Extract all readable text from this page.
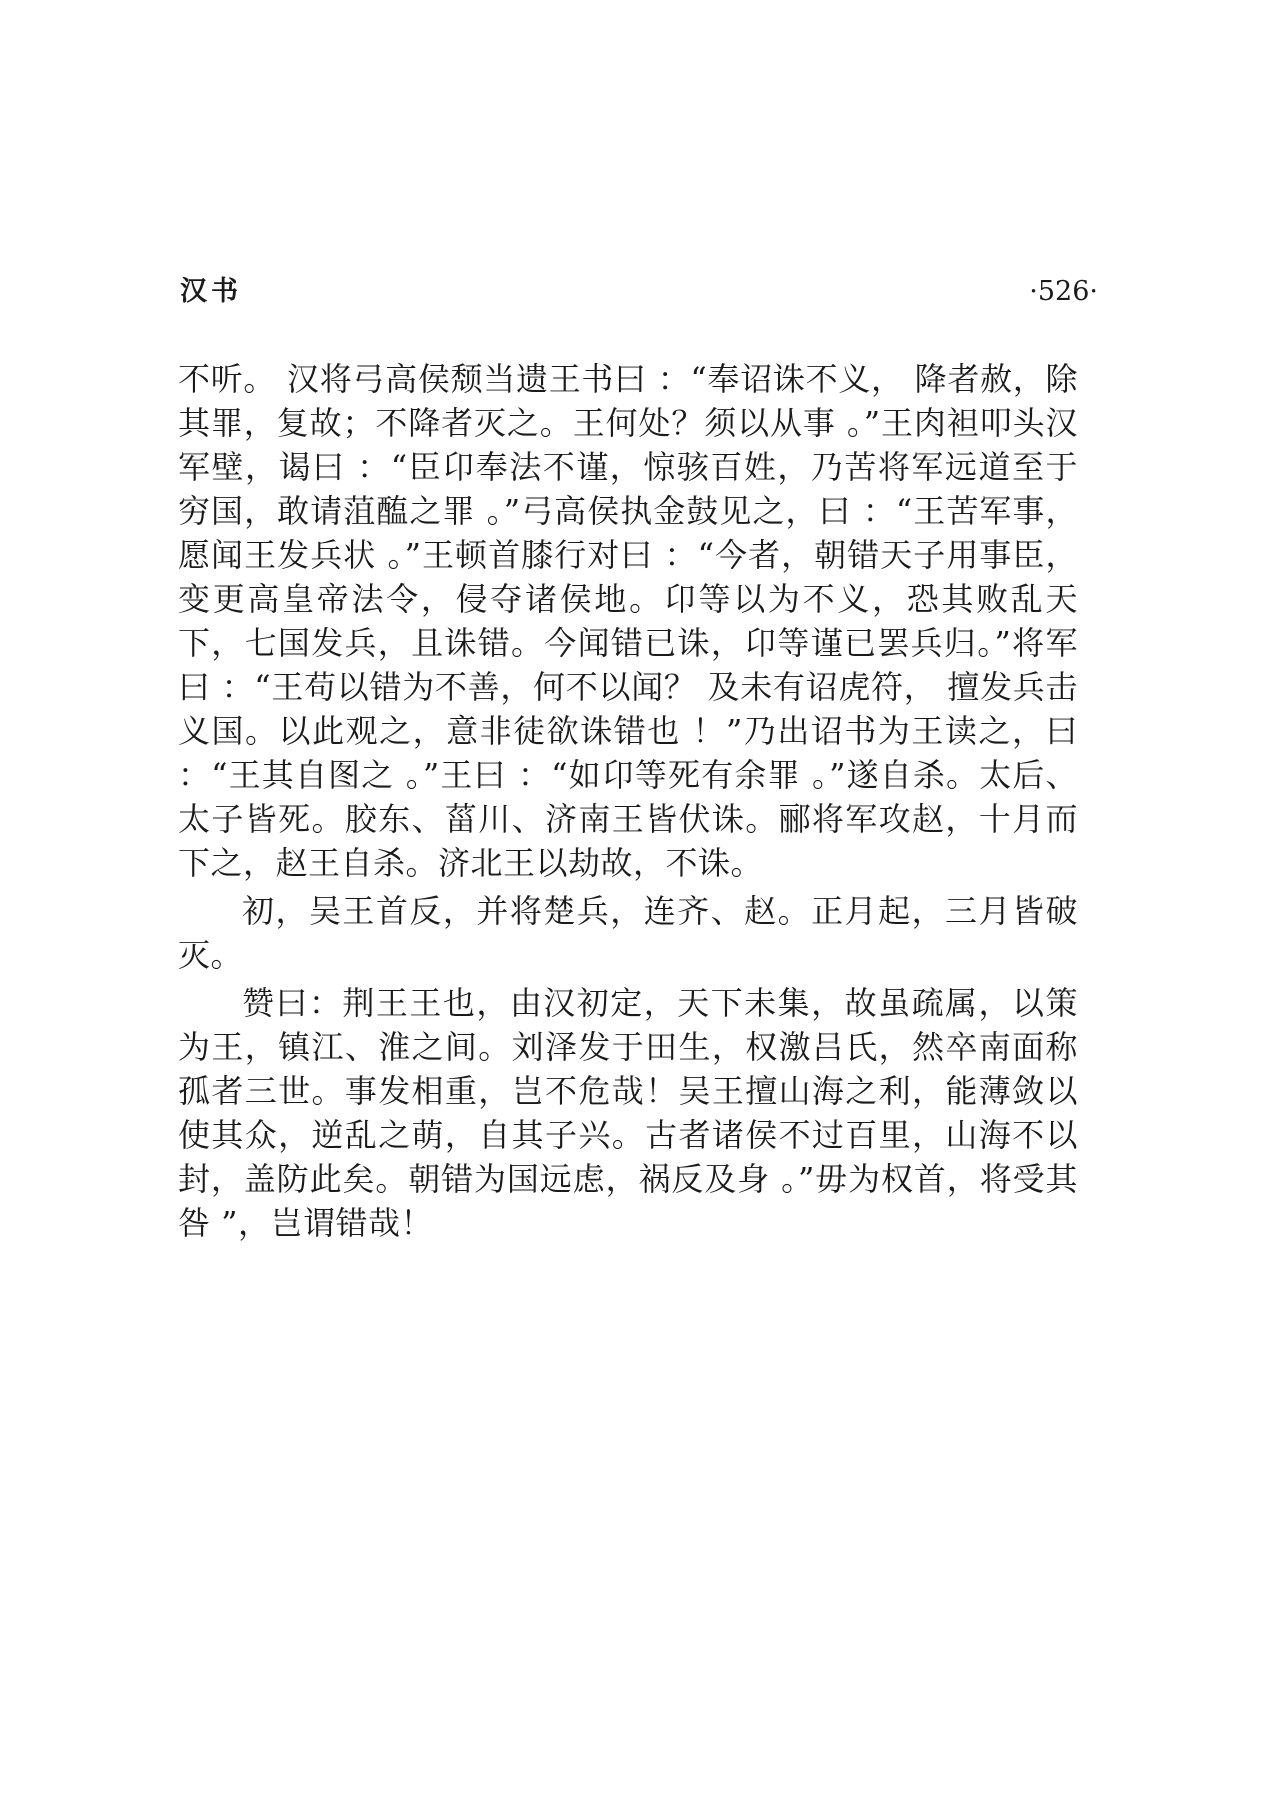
汉书	·526·

不听。 汉将弓高侯颓当遗王书曰 ：“奉诏诛不义， 降者赦，除其罪，复故；不降者灭之。王何处？须以从事 。”王肉袒叩头汉军壁，谒曰 ：“臣卬奉法不谨，惊骇百姓，乃苦将军远道至于穷国，敢请菹醢之罪 。”弓高侯执金鼓见之，曰 ：“王苦军事，愿闻王发兵状 。”王顿首膝行对曰 ：“今者，朝错天子用事臣，变更高皇帝法令，侵夺诸侯地。卬等以为不义，恐其败乱天下，七国发兵，且诛错。今闻错已诛，卬等谨已罢兵归。”将军曰 ：“王苟以错为不善，何不以闻？ 及未有诏虎符， 擅发兵击义国。以此观之，意非徒欲诛错也 ！”乃出诏书为王读之，曰 ：“王其自图之 。”王曰 ：“如卬等死有余罪 。”遂自杀。太后、太子皆死。胶东、菑川、济南王皆伏诛。郦将军攻赵，十月而下之，赵王自杀。济北王以劫故，不诛。

初，吴王首反，并将楚兵，连齐、赵。正月起，三月皆破灭。

赞曰：荆王王也，由汉初定，天下未集，故虽疏属，以策为王，镇江、淮之间。刘泽发于田生，权激吕氏，然卒南面称孤者三世。事发相重，岂不危哉！吴王擅山海之利，能薄敛以使其众，逆乱之萌，自其子兴。古者诸侯不过百里，山海不以封，盖防此矣。朝错为国远虑，祸反及身 。”毋为权首，将受其咎 ”，岂谓错哉！
